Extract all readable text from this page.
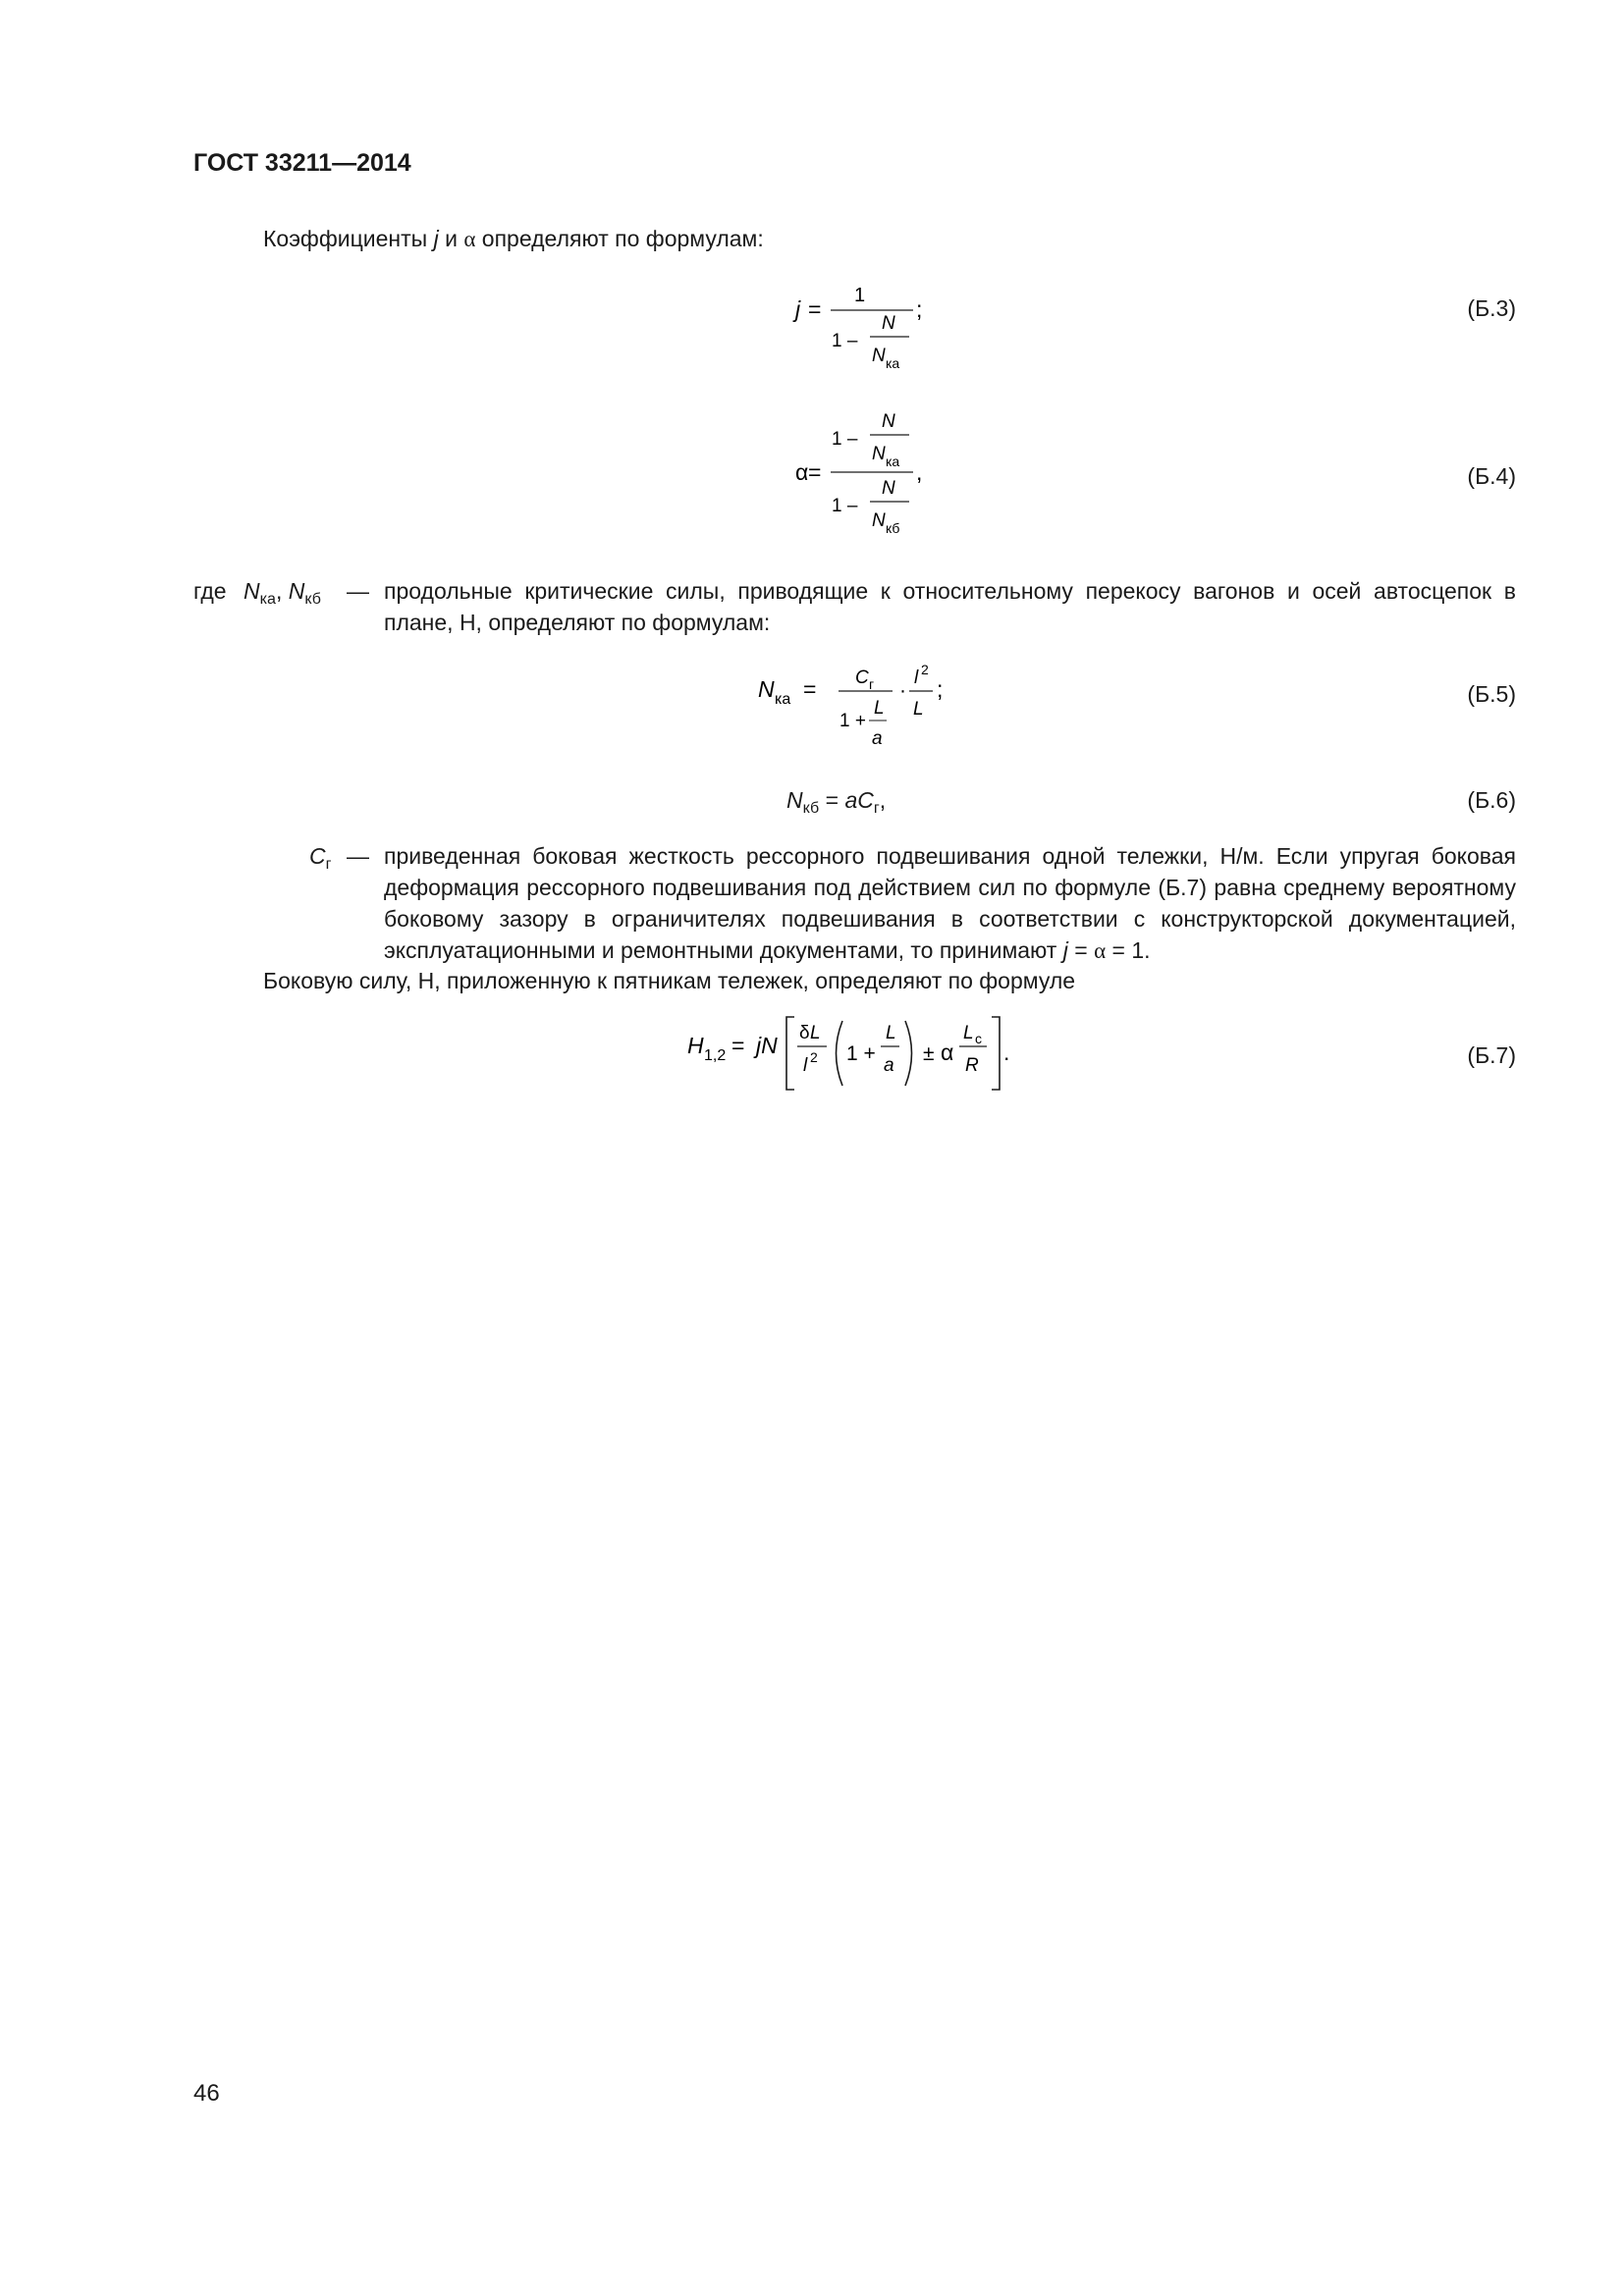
ГОСТ 33211—2014
Коэффициенты j и α определяют по формулам:
j =
1
;
1 –
N
N ка
(Б.3)
α =
1 –
N
N ка ,
1 –
N
N кб
(Б.4)
где $N_{ка}$, $N_{кб}$ — продольные критические силы, приводящие к относительному перекосу вагонов и осей автосцепок в плане, Н, определяют по формулам:
N ка = C г
1 +
L
a
·
l 2
L
;	(Б.5)
$N_{кб} = aC_г$,	(Б.6)
$C_г$ — приведенная боковая жесткость рессорного подвешивания одной тележки, Н/м. Если упругая боковая деформация рессорного подвешивания под действием сил по формуле (Б.7) равна среднему вероятному боковому зазору в ограничителях подвешивания в соответствии с конструкторской документацией, эксплуатационными и ремонтными документами, то принимают j = α = 1.
Боковую силу, Н, приложенную к пятникам тележек, определяют по формуле
H 1,2 = jN δ L
l 2 1 +
L
a
± α
L c
R
.	(Б.7)
46
